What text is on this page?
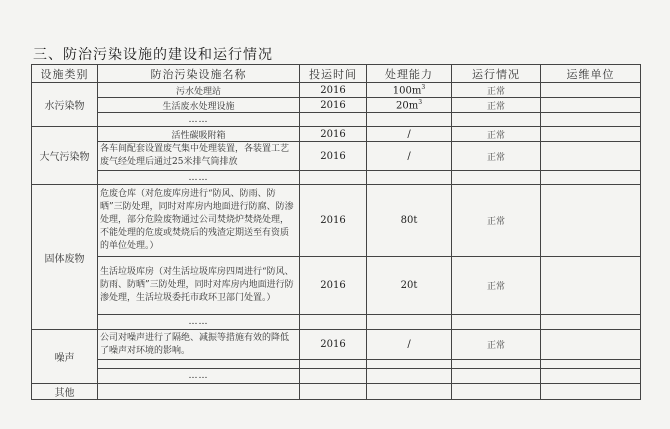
三、防治污染设施的建设和运行情况
设施类别	防治污染设施名称	投运时间	处理能力	运行情况	运维单位
水污染物	污水处理站	2016	$100m^3$	正常	
	生活废水处理设施	2016	$20m^3$	正常	
	……				
大气污染物	活性碳吸附箱	2016	/	正常	
	各车间配套设置废气集中处理装置，各装置工艺废气经处理后通过25米排气筒排放	2016	/	正常	
	……				
固体废物	危废仓库（对危废库房进行“防风、防雨、防晒”三防处理，同时对库房内地面进行防腐、防渗处理，部分危险废物通过公司焚烧炉焚烧处理，不能处理的危废或焚烧后的残渣定期送至有资质的单位处理。）	2016	80t	正常	
	生活垃圾库房（对生活垃圾库房四周进行“防风、防雨、防晒”三防处理，同时对库房内地面进行防渗处理，生活垃圾委托市政环卫部门处置。）	2016	20t	正常	
	……				
噪声	公司对噪声进行了隔绝、减振等措施有效的降低了噪声对环境的影响。	2016	/	正常	

	……				
其他					
